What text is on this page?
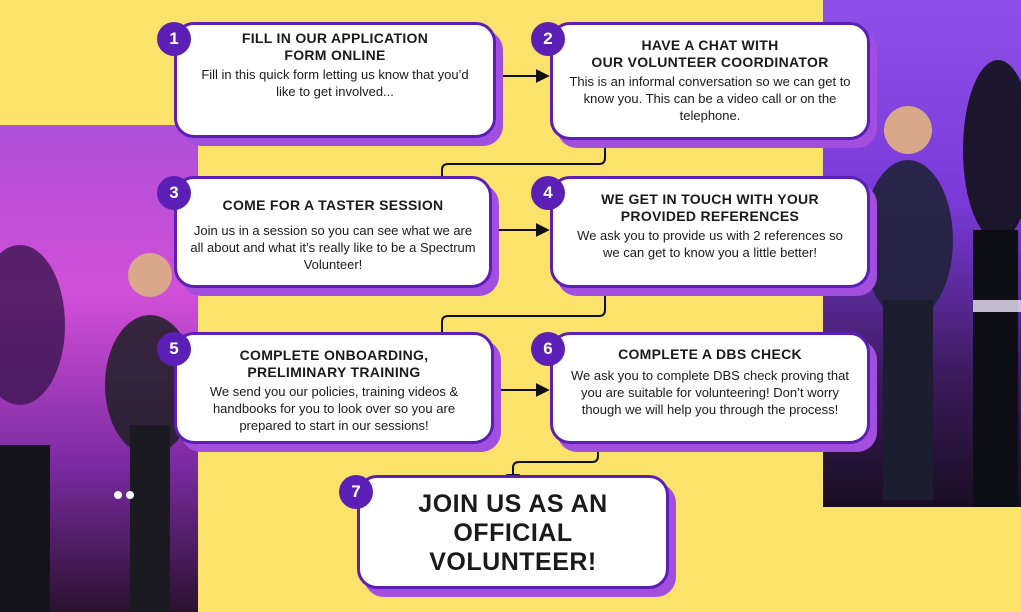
FILL IN OUR APPLICATION
FORM ONLINE

Fill in this quick form letting us know that you’d like to get involved...

1	HAVE A CHAT WITH
OUR VOLUNTEER COORDINATOR

This is an informal conversation so we can get to know you. This can be a video call or on the telephone.

2
COME FOR A TASTER SESSION

Join us in a session so you can see what we are all about and what it’s really like to be a Spectrum Volunteer!

3	WE GET IN TOUCH WITH YOUR
PROVIDED REFERENCES

We ask you to provide us with 2 references so we can get to know you a little better!

4
COMPLETE ONBOARDING,
PRELIMINARY TRAINING

We send you our policies, training videos & handbooks for you to look over so you are prepared to start in our sessions!

5	COMPLETE A DBS CHECK

We ask you to complete DBS check proving that you are suitable for volunteering! Don’t worry though we will help you through the process!

6
JOIN US AS AN
OFFICIAL
VOLUNTEER!
7
